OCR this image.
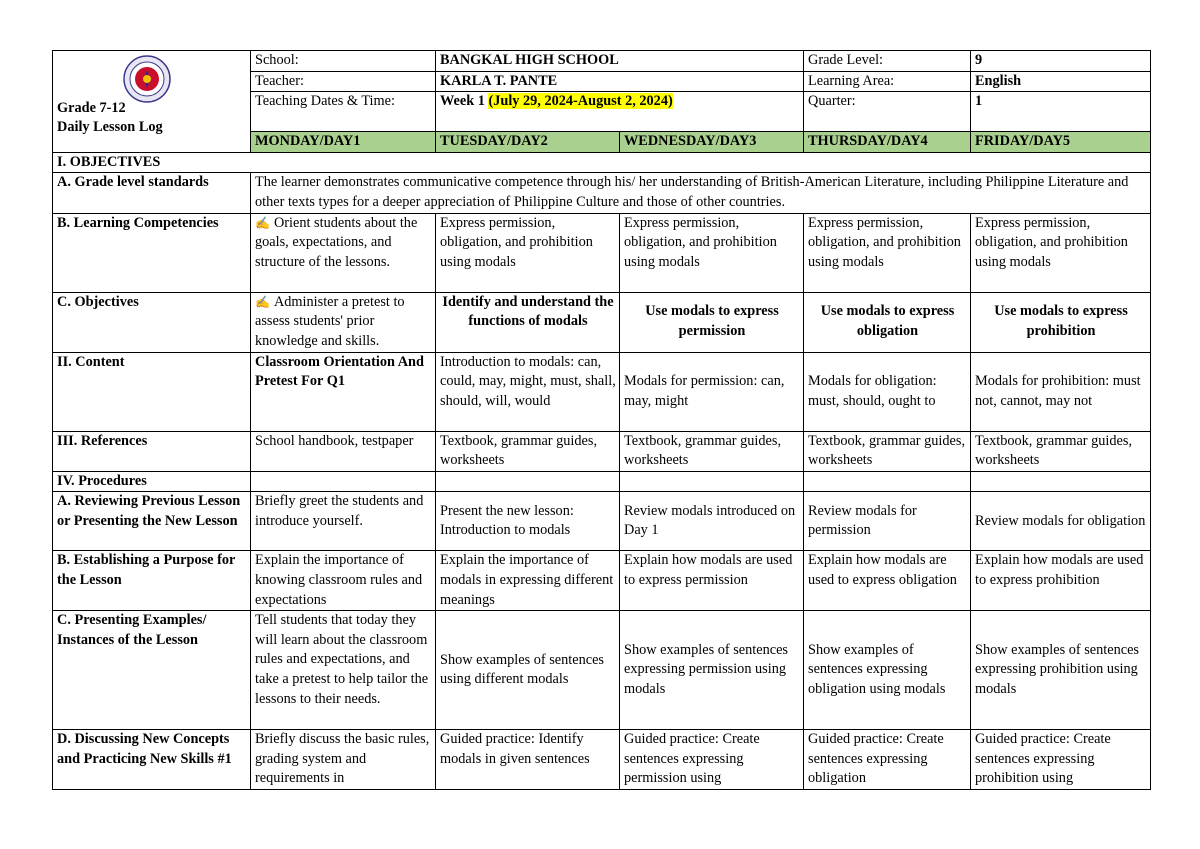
Grade 7-12
Daily Lesson Log	School:	BANGKAL HIGH SCHOOL		Grade Level:	9
	Teacher:	KARLA T. PANTE		Learning Area:	English
	Teaching Dates & Time:	Week 1 (July 29, 2024-August 2, 2024)		Quarter:	1
	MONDAY/DAY1	TUESDAY/DAY2	WEDNESDAY/DAY3	THURSDAY/DAY4	FRIDAY/DAY5
I. OBJECTIVES					
A. Grade level standards	The learner demonstrates communicative competence through his/ her understanding of British-American Literature, including Philippine Literature and other texts types for a deeper appreciation of Philippine Culture and those of other countries.				
B. Learning Competencies	✍ Orient students about the goals, expectations, and structure of the lessons.	Express permission, obligation, and prohibition using modals	Express permission, obligation, and prohibition using modals	Express permission, obligation, and prohibition using modals	Express permission, obligation, and prohibition using modals
C. Objectives	✍ Administer a pretest to assess students' prior knowledge and skills.	Identify and understand the functions of modals	Use modals to express permission	Use modals to express obligation	Use modals to express prohibition
II. Content	Classroom Orientation And Pretest For Q1	Introduction to modals: can, could, may, might, must, shall, should, will, would	Modals for permission: can, may, might	Modals for obligation: must, should, ought to	Modals for prohibition: must not, cannot, may not
III. References	School handbook, testpaper	Textbook, grammar guides, worksheets	Textbook, grammar guides, worksheets	Textbook, grammar guides, worksheets	Textbook, grammar guides, worksheets
IV. Procedures					
A. Reviewing Previous Lesson or Presenting the New Lesson	Briefly greet the students and introduce yourself.	Present the new lesson: Introduction to modals	Review modals introduced on Day 1	Review modals for permission	Review modals for obligation
B. Establishing a Purpose for the Lesson	Explain the importance of knowing classroom rules and expectations	Explain the importance of modals in expressing different meanings	Explain how modals are used to express permission	Explain how modals are used to express obligation	Explain how modals are used to express prohibition
C. Presenting Examples/ Instances of the Lesson	Tell students that today they will learn about the classroom rules and expectations, and take a pretest to help tailor the lessons to their needs.	Show examples of sentences using different modals	Show examples of sentences expressing permission using modals	Show examples of sentences expressing obligation using modals	Show examples of sentences expressing prohibition using modals
D. Discussing New Concepts and Practicing New Skills #1	Briefly discuss the basic rules, grading system and requirements in	Guided practice: Identify modals in given sentences	Guided practice: Create sentences expressing permission using	Guided practice: Create sentences expressing obligation	Guided practice: Create sentences expressing prohibition using
